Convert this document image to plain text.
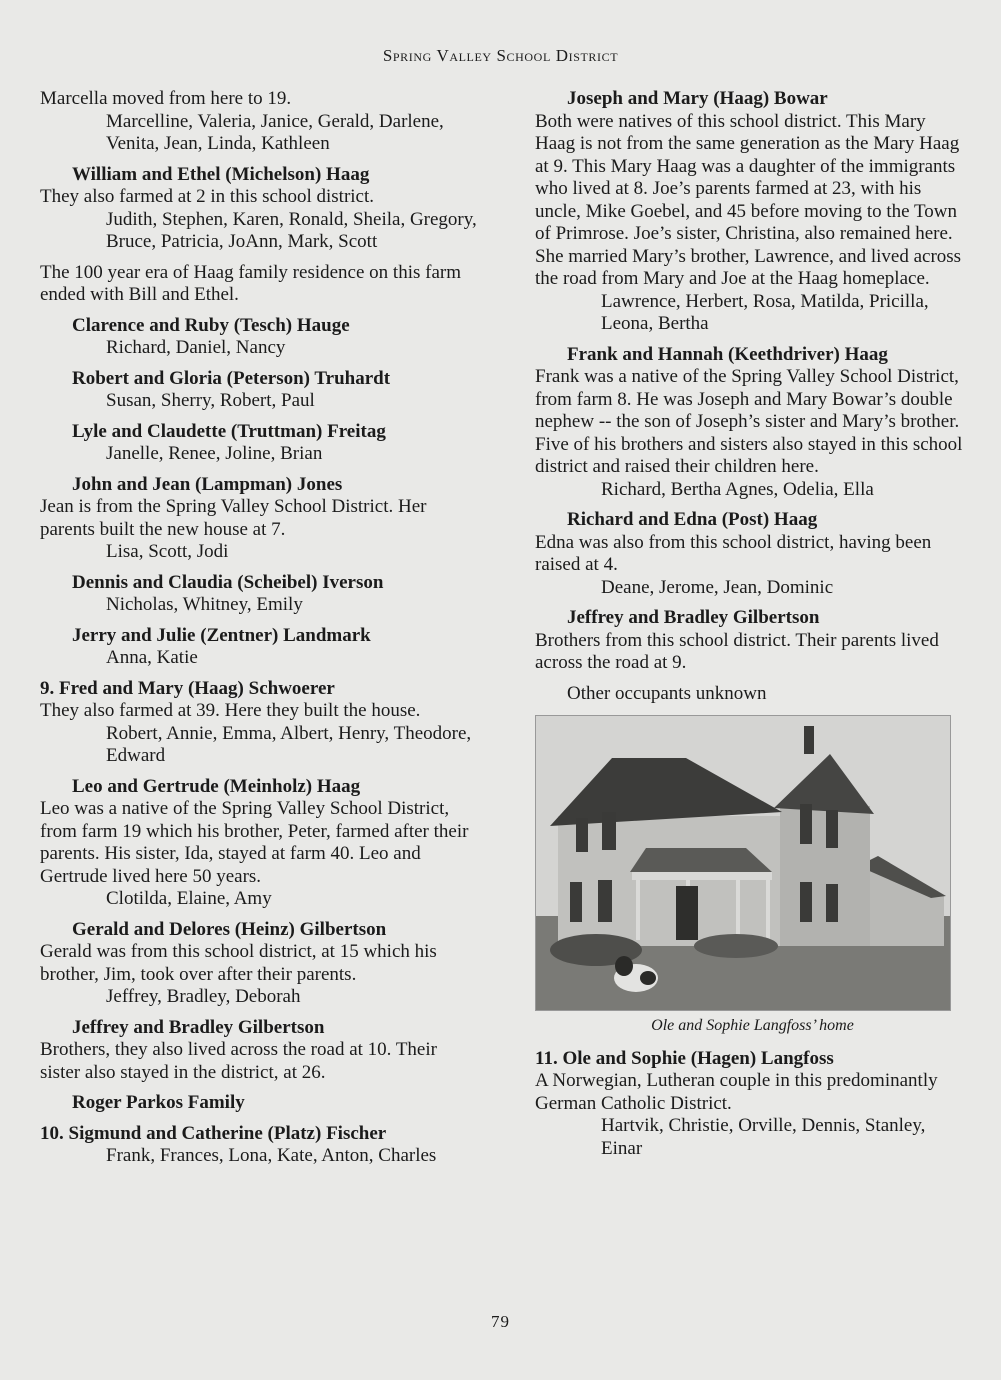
Spring Valley School District
Marcella moved from here to 19.
Marcelline, Valeria, Janice, Gerald, Darlene, Venita, Jean, Linda, Kathleen
William and Ethel (Michelson) Haag
They also farmed at 2 in this school district.
Judith, Stephen, Karen, Ronald, Sheila, Gregory, Bruce, Patricia, JoAnn, Mark, Scott
The 100 year era of Haag family residence on this farm ended with Bill and Ethel.
Clarence and Ruby (Tesch) Hauge
Richard, Daniel, Nancy
Robert and Gloria (Peterson) Truhardt
Susan, Sherry, Robert, Paul
Lyle and Claudette (Truttman) Freitag
Janelle, Renee, Joline, Brian
John and Jean (Lampman) Jones
Jean is from the Spring Valley School District. Her parents built the new house at 7.
Lisa, Scott, Jodi
Dennis and Claudia (Scheibel) Iverson
Nicholas, Whitney, Emily
Jerry and Julie (Zentner) Landmark
Anna, Katie
9. Fred and Mary (Haag) Schwoerer
They also farmed at 39. Here they built the house.
Robert, Annie, Emma, Albert, Henry, Theodore, Edward
Leo and Gertrude (Meinholz) Haag
Leo was a native of the Spring Valley School District, from farm 19 which his brother, Peter, farmed after their parents. His sister, Ida, stayed at farm 40. Leo and Gertrude lived here 50 years.
Clotilda, Elaine, Amy
Gerald and Delores (Heinz) Gilbertson
Gerald was from this school district, at 15 which his brother, Jim, took over after their parents.
Jeffrey, Bradley, Deborah
Jeffrey and Bradley Gilbertson
Brothers, they also lived across the road at 10. Their sister also stayed in the district, at 26.
Roger Parkos Family
10. Sigmund and Catherine (Platz) Fischer
Frank, Frances, Lona, Kate, Anton, Charles
Joseph and Mary (Haag) Bowar
Both were natives of this school district. This Mary Haag is not from the same generation as the Mary Haag at 9. This Mary Haag was a daughter of the immigrants who lived at 8. Joe’s parents farmed at 23, with his uncle, Mike Goebel, and 45 before moving to the Town of Primrose. Joe’s sister, Christina, also remained here. She married Mary’s brother, Lawrence, and lived across the road from Mary and Joe at the Haag homeplace.
Lawrence, Herbert, Rosa, Matilda, Pricilla, Leona, Bertha
Frank and Hannah (Keethdriver) Haag
Frank was a native of the Spring Valley School District, from farm 8. He was Joseph and Mary Bowar’s double nephew -- the son of Joseph’s sister and Mary’s brother. Five of his brothers and sisters also stayed in this school district and raised their children here.
Richard, Bertha Agnes, Odelia, Ella
Richard and Edna (Post) Haag
Edna was also from this school district, having been raised at 4.
Deane, Jerome, Jean, Dominic
Jeffrey and Bradley Gilbertson
Brothers from this school district. Their parents lived across the road at 9.
Other occupants unknown
Ole and Sophie Langfoss’ home
11. Ole and Sophie (Hagen) Langfoss
A Norwegian, Lutheran couple in this predominantly German Catholic District.
Hartvik, Christie, Orville, Dennis, Stanley, Einar
79
